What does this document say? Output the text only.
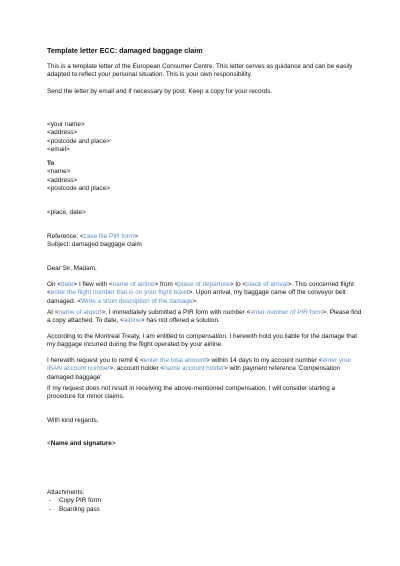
Template letter ECC: damaged baggage claim

This is a template letter of the European Consumer Centre. This letter serves as guidance and can be easily adapted to reflect your personal situation. This is your own responsibility.

Send the letter by email and if necessary by post. Keep a copy for your records.

<your name>
<address>
<postcode and place>
<email>
To
<name>
<address>
<postcode and place>

<place, date>

Reference: <case file PIR form>
Subject: damaged baggage claim

Dear Sir, Madam,

On <date> I flew with <name of airline> from <place of departure> to <place of arrival>. This concerned flight <enter the flight number that is on your flight ticket>. Upon arrival, my baggage came off the conveyor belt damaged. <Write a short description of the damage>.

At <name of airport>, I immediately submitted a PIR form with number <enter number of PIR form>. Please find a copy attached. To date, <airline> has not offered a solution.

According to the Montreal Treaty, I am entitled to compensation. I herewith hold you liable for the damage that my baggage incurred during the flight operated by your airline.

I herewith request you to remit € <enter the total amount> within 14 days to my account number <enter your IBAN account number>, account holder <name account holder> with payment reference 'Compensation damaged baggage'

If my request does not result in receiving the above-mentioned compensation, I will consider starting a procedure for minor claims.

With kind regards,

<Name and signature>

Attachments:
- Copy PIR form
- Boarding pass
